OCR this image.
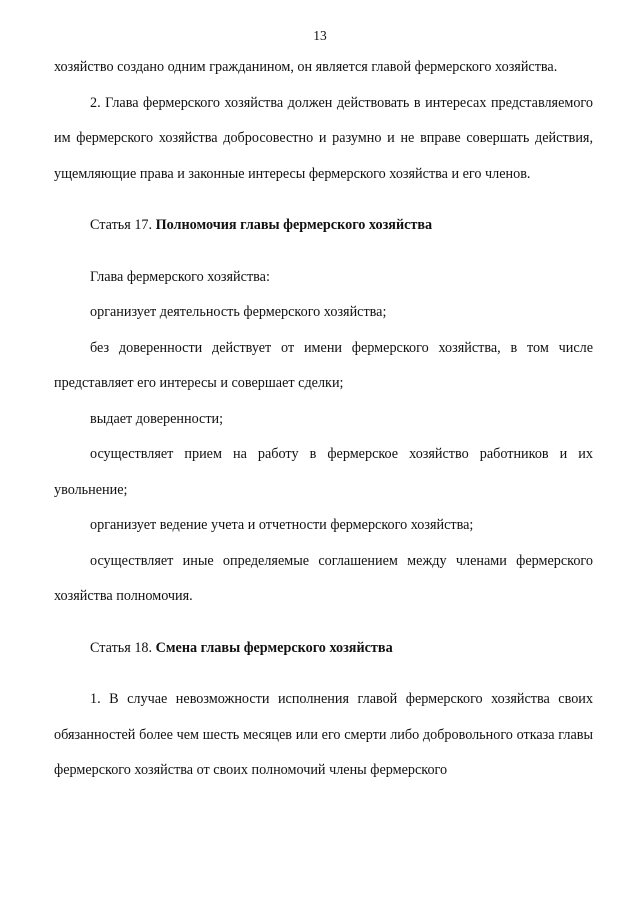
13

хозяйство создано одним гражданином, он является главой фермерского хозяйства.

2. Глава фермерского хозяйства должен действовать в интересах представляемого им фермерского хозяйства добросовестно и разумно и не вправе совершать действия, ущемляющие права и законные интересы фермерского хозяйства и его членов.

Статья 17. Полномочия главы фермерского хозяйства

Глава фермерского хозяйства:

организует деятельность фермерского хозяйства;

без доверенности действует от имени фермерского хозяйства, в том числе представляет его интересы и совершает сделки;

выдает доверенности;

осуществляет прием на работу в фермерское хозяйство работников и их увольнение;

организует ведение учета и отчетности фермерского хозяйства;

осуществляет иные определяемые соглашением между членами фермерского хозяйства полномочия.

Статья 18. Смена главы фермерского хозяйства

1. В случае невозможности исполнения главой фермерского хозяйства своих обязанностей более чем шесть месяцев или его смерти либо добровольного отказа главы фермерского хозяйства от своих полномочий члены фермерского
